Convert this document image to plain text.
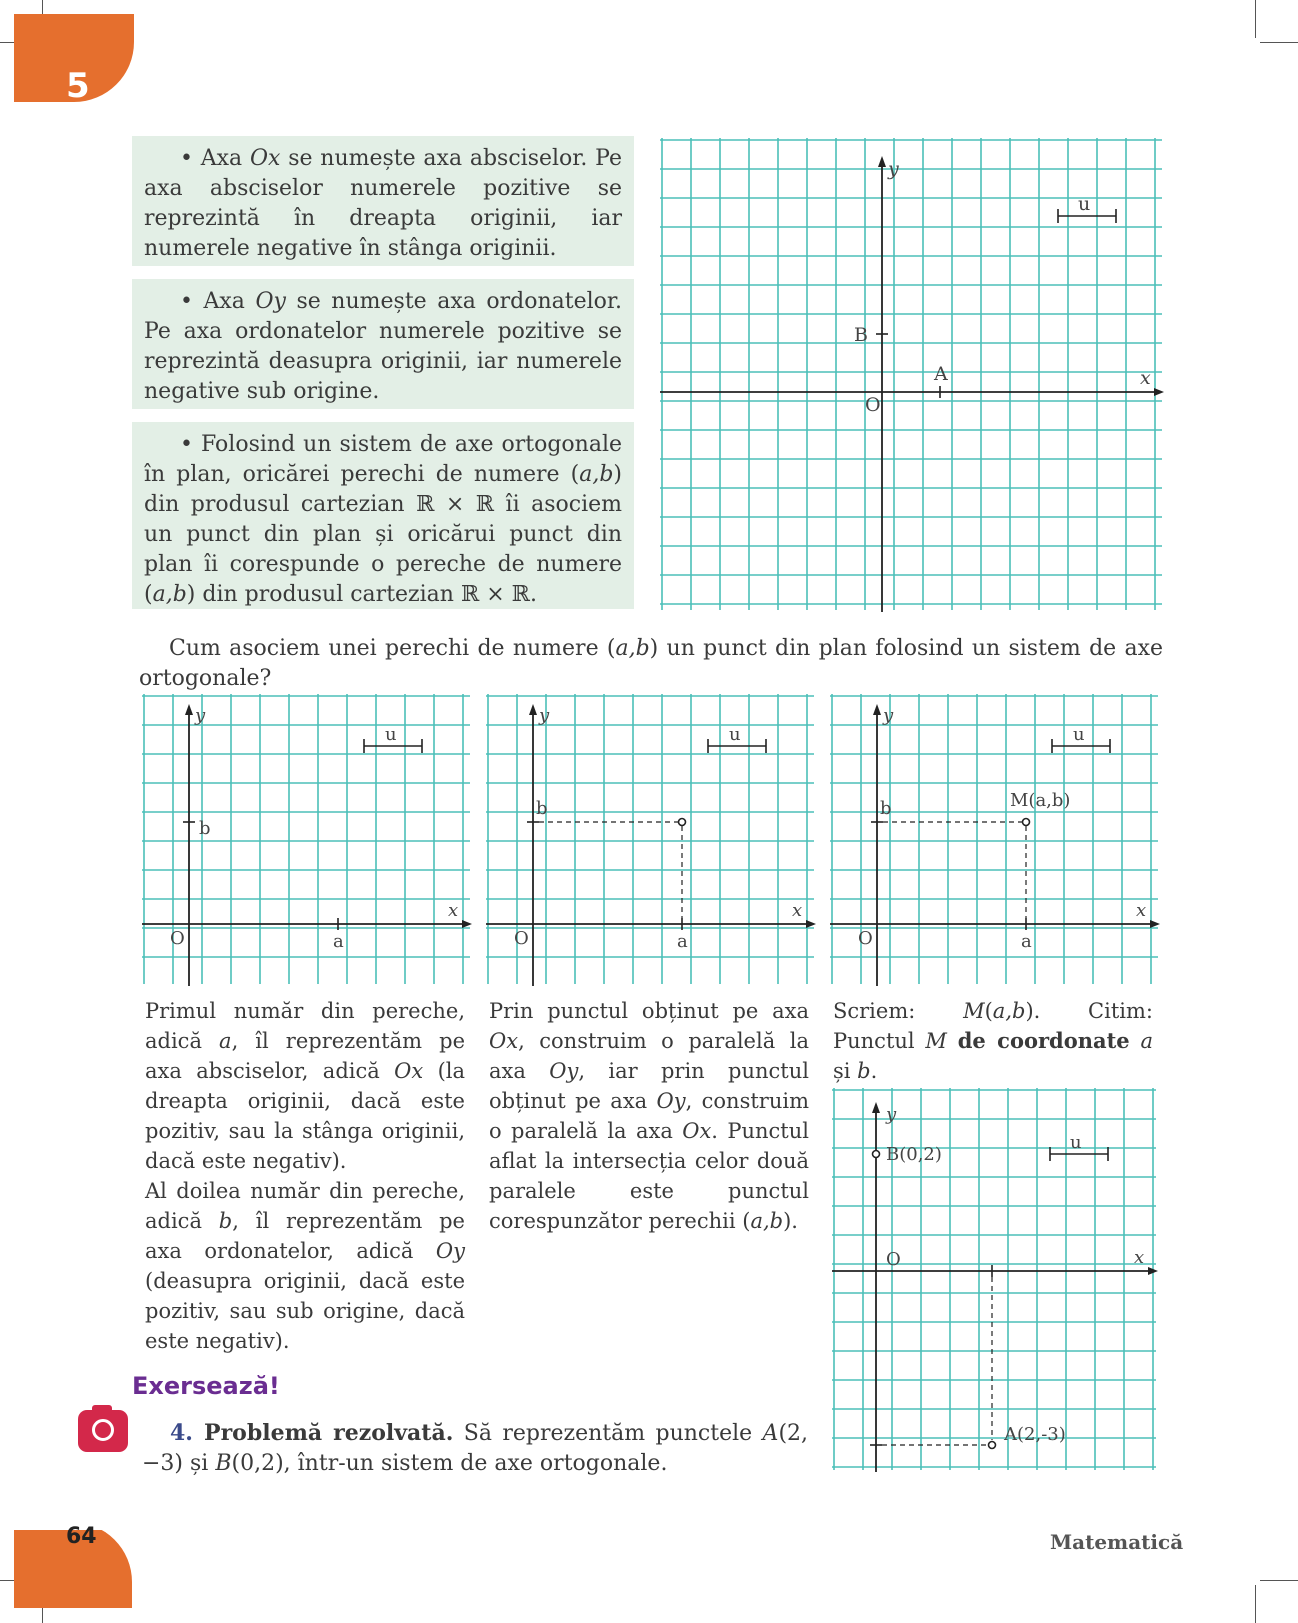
5

• Axa Ox se numește axa absciselor. Pe axa absciselor numerele pozitive se reprezintă în dreapta originii, iar numerele negative în stânga originii.

• Axa Oy se numește axa ordonatelor. Pe axa ordonatelor numerele pozitive se reprezintă deasupra originii, iar numerele negative sub origine.

• Folosind un sistem de axe ortogonale în plan, oricărei perechi de numere (a,b) din produsul cartezian ℝ × ℝ îi asociem un punct din plan și oricărui punct din plan îi corespunde o pereche de numere (a,b) din produsul cartezian ℝ × ℝ.

y
x
O
u
A
B
Cum asociem unei perechi de numere (a,b) un punct din plan folosind un sistem de axe ortogonale?
y
x
O
u
a
b
y
x
O
u
a
b
y
x
O
u
a
b	M(a,b)

Primul număr din pereche, adică a, îl reprezentăm pe axa absciselor, adică Ox (la dreapta originii, dacă este pozitiv, sau la stânga originii, dacă este negativ).

Al doilea număr din pereche, adică b, îl reprezentăm pe axa ordonatelor, adică Oy (deasupra originii, dacă este pozitiv, sau sub origine, dacă este negativ).

Prin punctul obținut pe axa Ox, construim o paralelă la axa Oy, iar prin punctul obținut pe axa Oy, construim o paralelă la axa Ox. Punctul aflat la intersecția celor două paralele este punctul corespunzător perechii (a,b).

Scriem: M(a,b). Citim: Punctul M de coordonate a și b.

y
x
O
u
A(2,-3)
B(0,2)
Exersează!
4. Problemă rezolvată. Să reprezentăm punctele A(2, −3) și B(0,2), într-un sistem de axe ortogonale.
64	Matematică
